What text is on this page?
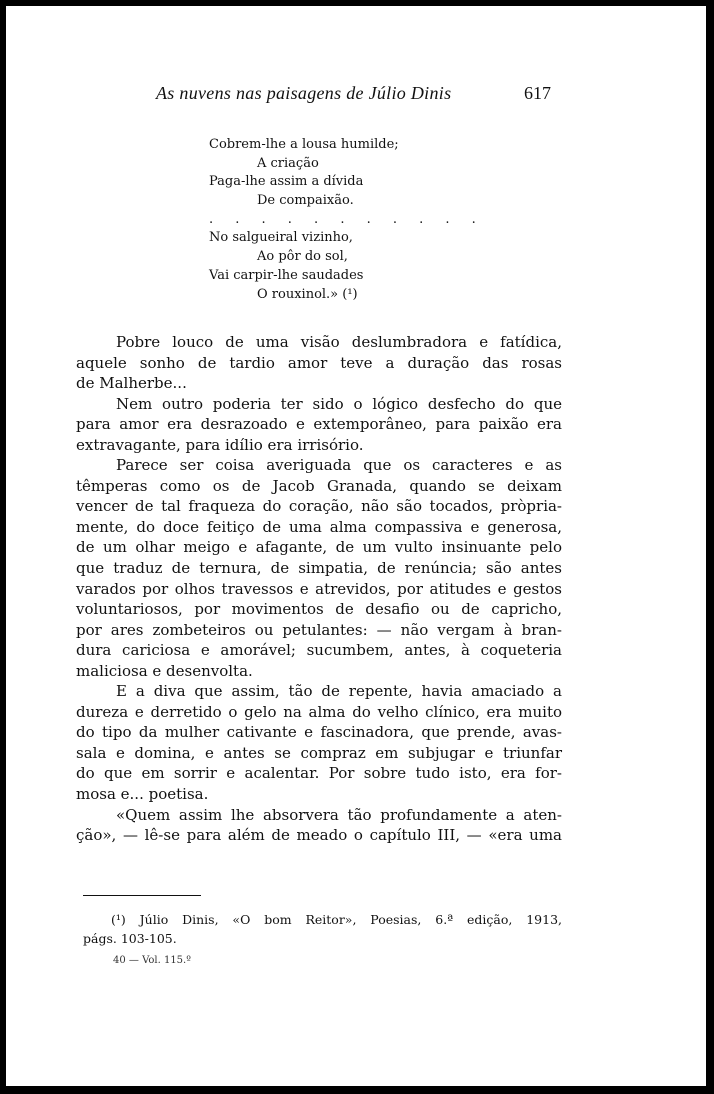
As nuvens nas paisagens de Júlio Dinis	617
Cobrem-lhe a lousa humilde;
A criação
Paga-lhe assim a dívida
De compaixão.
. . . . . . . . . . .
No salgueiral vizinho,
Ao pôr do sol,
Vai carpir-lhe saudades
O rouxinol.» (¹)
Pobre louco de uma visão deslumbradora e fatídica,
aquele sonho de tardio amor teve a duração das rosas
de Malherbe...
Nem outro poderia ter sido o lógico desfecho do que
para amor era desrazoado e extemporâneo, para paixão era
extravagante, para idílio era irrisório.
Parece ser coisa averiguada que os caracteres e as
têmperas como os de Jacob Granada, quando se deixam
vencer de tal fraqueza do coração, não são tocados, pròpria-
mente, do doce feitiço de uma alma compassiva e generosa,
de um olhar meigo e afagante, de um vulto insinuante pelo
que traduz de ternura, de simpatia, de renúncia; são antes
varados por olhos travessos e atrevidos, por atitudes e gestos
voluntariosos, por movimentos de desafio ou de capricho,
por ares zombeteiros ou petulantes: — não vergam à bran-
dura cariciosa e amorável; sucumbem, antes, à coqueteria
maliciosa e desenvolta.
E a diva que assim, tão de repente, havia amaciado a
dureza e derretido o gelo na alma do velho clínico, era muito
do tipo da mulher cativante e fascinadora, que prende, avas-
sala e domina, e antes se compraz em subjugar e triunfar
do que em sorrir e acalentar. Por sobre tudo isto, era for-
mosa e... poetisa.
«Quem assim lhe absorvera tão profundamente a aten-
ção», — lê-se para além de meado o capítulo III, — «era uma
(¹) Júlio Dinis, «O bom Reitor», Poesias, 6.ª edição, 1913,
págs. 103-105.
40 — Vol. 115.º
